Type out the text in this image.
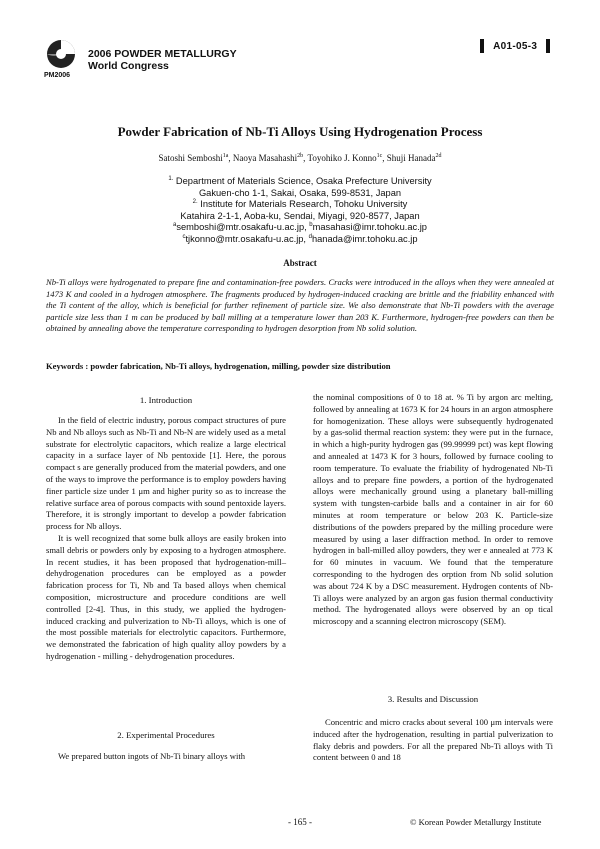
PM2006
2006 POWDER METALLURGY
World Congress
A01-05-3
Powder Fabrication of Nb-Ti Alloys Using Hydrogenation Process
Satoshi Semboshi$^{1a}$, Naoya Masahashi$^{2b}$, Toyohiko J. Konno$^{1c}$, Shuji Hanada$^{2d}$
$^{1.}$ Department of Materials Science, Osaka Prefecture University
Gakuen-cho 1-1, Sakai, Osaka, 599-8531, Japan
$^{2.}$ Institute for Materials Research, Tohoku University
Katahira 2-1-1, Aoba-ku, Sendai, Miyagi, 920-8577, Japan
$^a$semboshi@mtr.osakafu-u.ac.jp, $^b$masahasi@imr.tohoku.ac.jp
$^c$tjkonno@mtr.osakafu-u.ac.jp, $^d$hanada@imr.tohoku.ac.jp
Abstract
Nb-Ti alloys were hydrogenated to prepare fine and contamination-free powders. Cracks were introduced in the alloys when they were annealed at 1473 K and cooled in a hydrogen atmosphere. The fragments produced by hydrogen-induced cracking are brittle and the friability enhanced with the Ti content of the alloy, which is beneficial for further refinement of particle size. We also demonstrate that Nb-Ti powders with the average particle size less than 1 m can be produced by ball milling at a temperature lower than 203 K. Furthermore, hydrogen-free powders can then be obtained by annealing above the temperature corresponding to hydrogen desorption from Nb solid solution.
Keywords : powder fabrication, Nb-Ti alloys, hydrogenation, milling, powder size distribution
1. Introduction

In the field of electric industry, porous compact structures of pure Nb and Nb alloys such as Nb-Ti and Nb-N are widely used as a metal substrate for electrolytic capacitors, which realize a large electrical capacity in a surface layer of Nb pentoxide [1]. Here, the porous compact s are generally produced from the material powders, and one of the ways to improve the performance is to employ powders having finer particle size under 1 μm and higher purity so as to increase the relative surface area of porous compacts with sound pentoxide layers. Therefore, it is strongly important to develop a powder fabrication process for Nb alloys.

It is well recognized that some bulk alloys are easily broken into small debris or powders only by exposing to a hydrogen atmosphere. In recent studies, it has been proposed that hydrogenation-mill–dehydrogenation procedures can be employed as a powder fabrication process for Ti, Nb and Ta based alloys when chemical composition, microstructure and procedure conditions are well controlled [2-4]. Thus, in this study, we applied the hydrogen-induced cracking and pulverization to Nb-Ti alloys, which is one of the most possible materials for electrolytic capacitors. Furthermore, we demonstrated the fabrication of high quality alloy powders by a hydrogenation - milling - dehydrogenation procedures.

2. Experimental Procedures

We prepared button ingots of Nb-Ti binary alloys with

the nominal compositions of 0 to 18 at. % Ti by argon arc melting, followed by annealing at 1673 K for 24 hours in an argon atmosphere for homogenization. These alloys were subsequently hydrogenated by a gas-solid thermal reaction system: they were put in the furnace, in which a high-purity hydrogen gas (99.99999 pct) was kept flowing and annealed at 1473 K for 3 hours, followed by furnace cooling to room temperature. To evaluate the friability of hydrogenated Nb-Ti alloys and to prepare fine powders, a portion of the hydrogenated alloys were mechanically ground using a planetary ball-milling system with tungsten-carbide balls and a container in air for 60 minutes at room temperature or below 203 K. Particle-size distributions of the powders prepared by the milling procedure were measured by using a laser diffraction method. In order to remove hydrogen in ball-milled alloy powders, they wer e annealed at 773 K for 60 minutes in vacuum. We found that the temperature corresponding to the hydrogen des orption from Nb solid solution was about 724 K by a DSC measurement. Hydrogen contents of Nb-Ti alloys were analyzed by an argon gas fusion thermal conductivity method. The hydrogenated alloys were observed by an op tical microscopy and a scanning electron microscopy (SEM).

3. Results and Discussion

Concentric and micro cracks about several 100 μm intervals were induced after the hydrogenation, resulting in partial pulverization to flaky debris and powders. For all the prepared Nb-Ti alloys with Ti content between 0 and 18

- 165 -	© Korean Powder Metallurgy Institute
